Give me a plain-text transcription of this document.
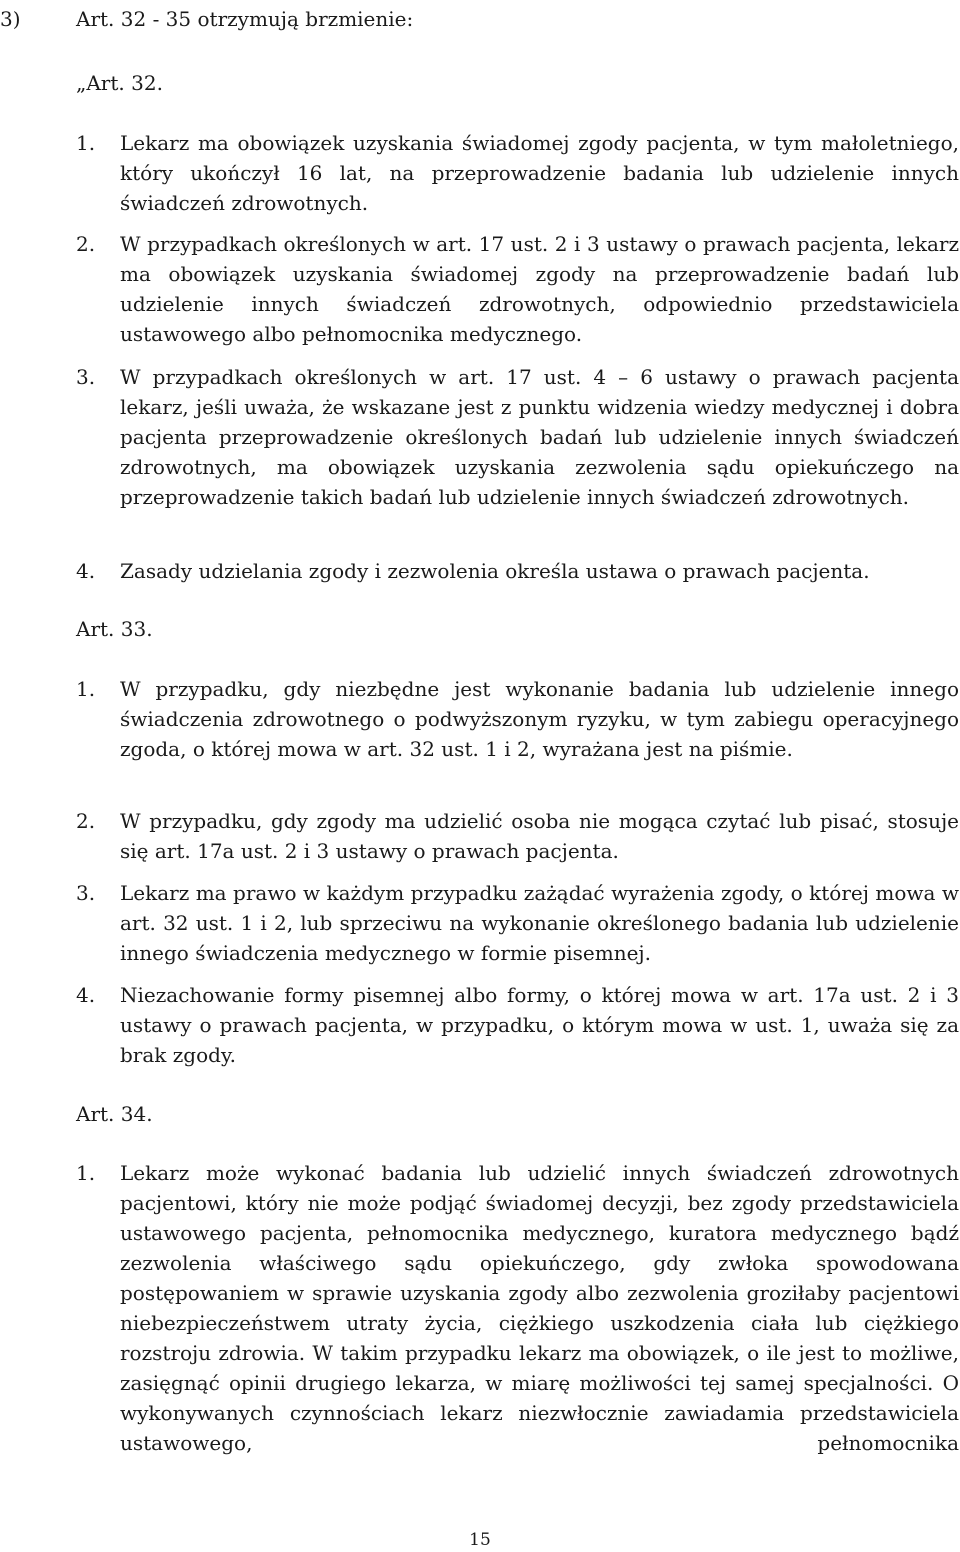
3)	Art. 32 - 35 otrzymują brzmienie:
„Art. 32.
1. Lekarz ma obowiązek uzyskania świadomej zgody pacjenta, w tym małoletniego, który ukończył 16 lat, na przeprowadzenie badania lub udzielenie innych świadczeń zdrowotnych.
2. W przypadkach określonych w art. 17 ust. 2 i 3 ustawy o prawach pacjenta, lekarz ma obowiązek uzyskania świadomej zgody na przeprowadzenie badań lub udzielenie innych świadczeń zdrowotnych, odpowiednio przedstawiciela ustawowego albo pełnomocnika medycznego.
3. W przypadkach określonych w art. 17 ust. 4 – 6 ustawy o prawach pacjenta lekarz, jeśli uważa, że wskazane jest z punktu widzenia wiedzy medycznej i dobra pacjenta przeprowadzenie określonych badań lub udzielenie innych świadczeń zdrowotnych, ma obowiązek uzyskania zezwolenia sądu opiekuńczego na przeprowadzenie takich badań lub udzielenie innych świadczeń zdrowotnych.
4. Zasady udzielania zgody i zezwolenia określa ustawa o prawach pacjenta.
Art. 33.
1. W przypadku, gdy niezbędne jest wykonanie badania lub udzielenie innego świadczenia zdrowotnego o podwyższonym ryzyku, w tym zabiegu operacyjnego zgoda, o której mowa w art. 32 ust. 1 i 2, wyrażana jest na piśmie.
2. W przypadku, gdy zgody ma udzielić osoba nie mogąca czytać lub pisać, stosuje się art. 17a ust. 2 i 3 ustawy o prawach pacjenta.
3. Lekarz ma prawo w każdym przypadku zażądać wyrażenia zgody, o której mowa w art. 32 ust. 1 i 2, lub sprzeciwu na wykonanie określonego badania lub udzielenie innego świadczenia medycznego w formie pisemnej.
4. Niezachowanie formy pisemnej albo formy, o której mowa w art. 17a ust. 2 i 3 ustawy o prawach pacjenta, w przypadku, o którym mowa w ust. 1, uważa się za brak zgody.
Art. 34.
1. Lekarz może wykonać badania lub udzielić innych świadczeń zdrowotnych pacjentowi, który nie może podjąć świadomej decyzji, bez zgody przedstawiciela ustawowego pacjenta, pełnomocnika medycznego, kuratora medycznego bądź zezwolenia właściwego sądu opiekuńczego, gdy zwłoka spowodowana postępowaniem w sprawie uzyskania zgody albo zezwolenia groziłaby pacjentowi niebezpieczeństwem utraty życia, ciężkiego uszkodzenia ciała lub ciężkiego rozstroju zdrowia. W takim przypadku lekarz ma obowiązek, o ile jest to możliwe, zasięgnąć opinii drugiego lekarza, w miarę możliwości tej samej specjalności. O wykonywanych czynnościach lekarz niezwłocznie zawiadamia przedstawiciela ustawowego, pełnomocnika
15
